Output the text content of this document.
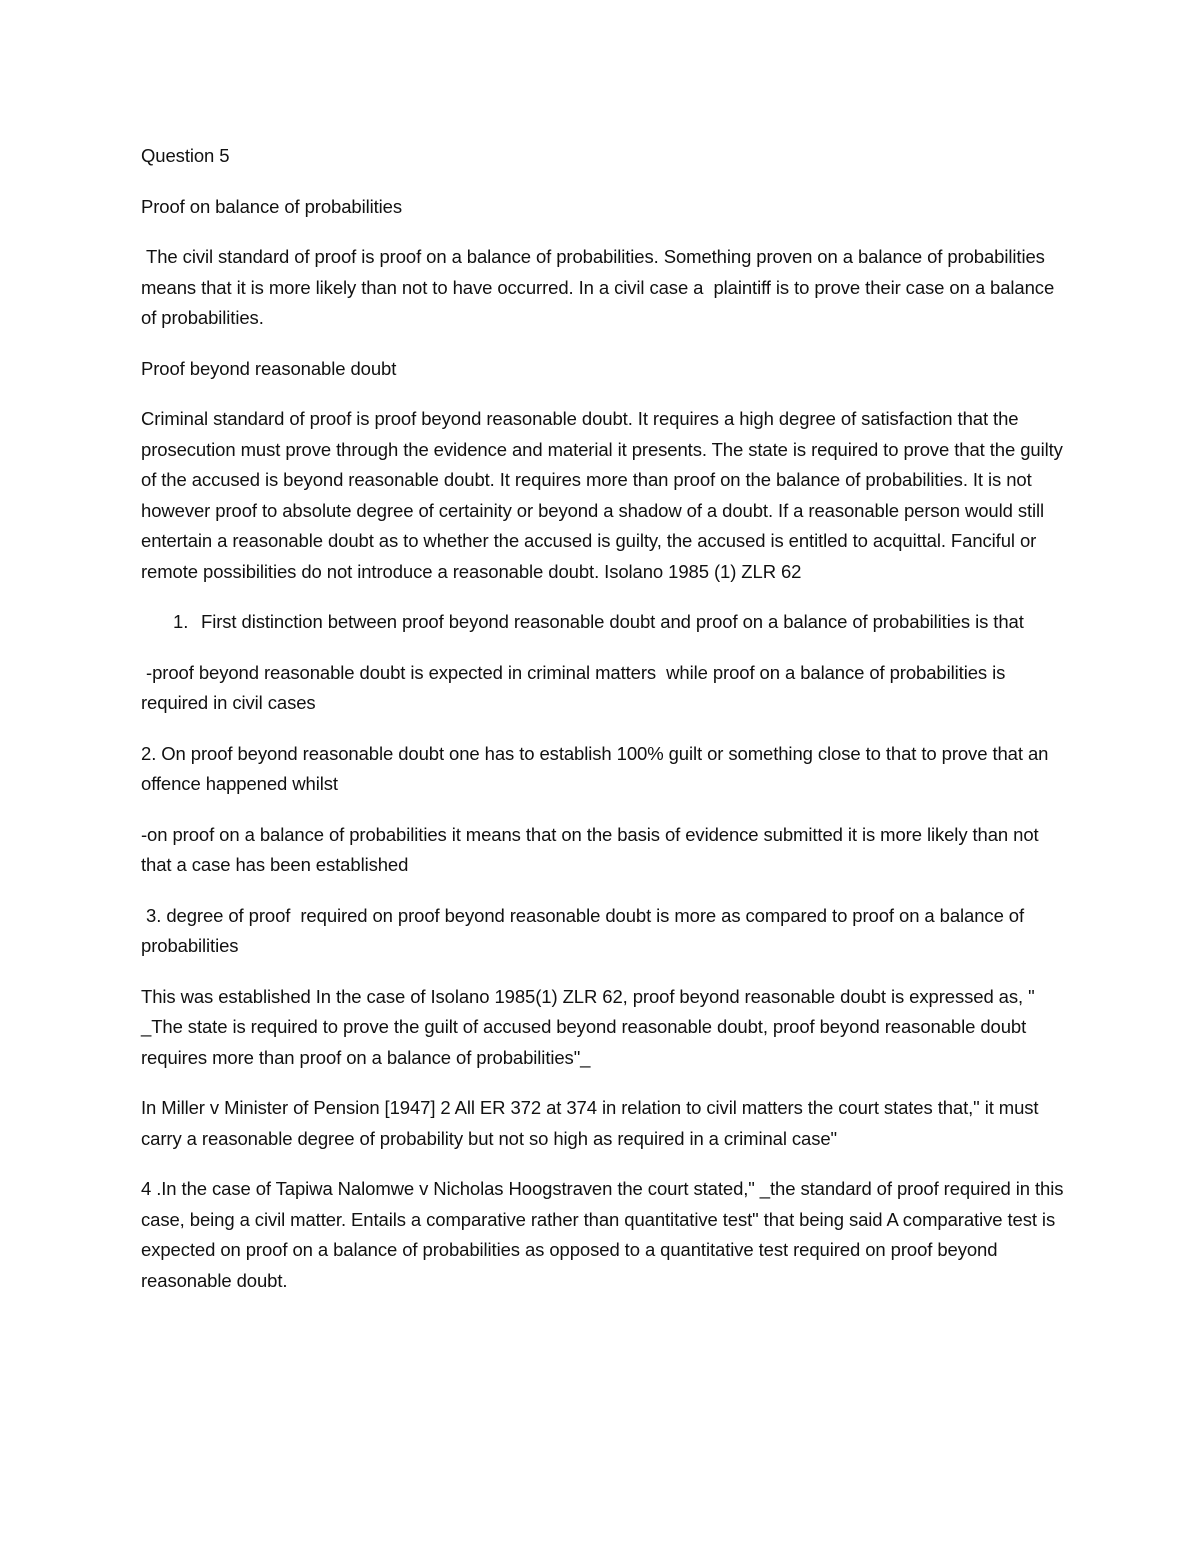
Question 5

Proof on balance of probabilities

The civil standard of proof is proof on a balance of probabilities. Something proven on a balance of probabilities means that it is more likely than not to have occurred. In a civil case a  plaintiff is to prove their case on a balance of probabilities.

Proof beyond reasonable doubt

Criminal standard of proof is proof beyond reasonable doubt. It requires a high degree of satisfaction that the prosecution must prove through the evidence and material it presents. The state is required to prove that the guilty of the accused is beyond reasonable doubt. It requires more than proof on the balance of probabilities. It is not however proof to absolute degree of certainity or beyond a shadow of a doubt. If a reasonable person would still entertain a reasonable doubt as to whether the accused is guilty, the accused is entitled to acquittal. Fanciful or remote possibilities do not introduce a reasonable doubt. Isolano 1985 (1) ZLR 62

1. First distinction between proof beyond reasonable doubt and proof on a balance of probabilities is that

-proof beyond reasonable doubt is expected in criminal matters  while proof on a balance of probabilities is required in civil cases

2. On proof beyond reasonable doubt one has to establish 100% guilt or something close to that to prove that an offence happened whilst

-on proof on a balance of probabilities it means that on the basis of evidence submitted it is more likely than not that a case has been established

3. degree of proof  required on proof beyond reasonable doubt is more as compared to proof on a balance of probabilities

This was established In the case of Isolano 1985(1) ZLR 62, proof beyond reasonable doubt is expressed as, " _The state is required to prove the guilt of accused beyond reasonable doubt, proof beyond reasonable doubt requires more than proof on a balance of probabilities"_

In Miller v Minister of Pension [1947] 2 All ER 372 at 374 in relation to civil matters the court states that," it must carry a reasonable degree of probability but not so high as required in a criminal case"

4 .In the case of Tapiwa Nalomwe v Nicholas Hoogstraven the court stated," _the standard of proof required in this case, being a civil matter. Entails a comparative rather than quantitative test" that being said A comparative test is expected on proof on a balance of probabilities as opposed to a quantitative test required on proof beyond reasonable doubt.
